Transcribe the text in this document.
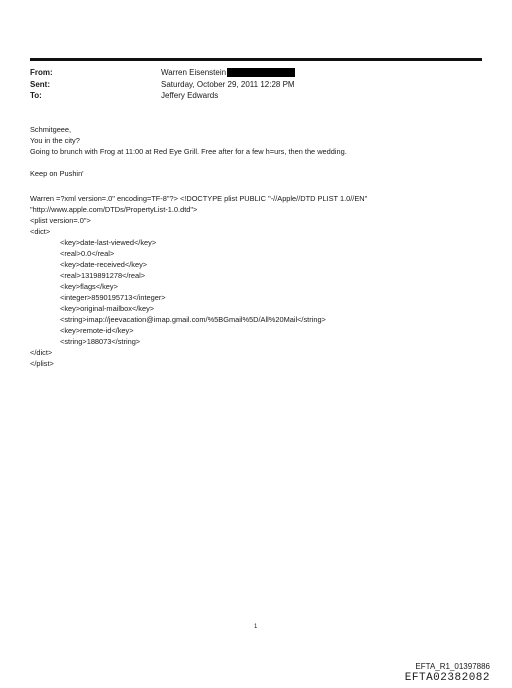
From:	Warren Eisenstein
Sent:	Saturday, October 29, 2011 12:28 PM
To:	Jeffery Edwards
Schmitgeee,
You in the city?
Going to brunch with Frog at 11:00 at Red Eye Grill. Free after for a few h=urs, then the wedding.
Keep on Pushin'
Warren =?xml version=.0" encoding=TF-8"?> <!DOCTYPE plist PUBLIC "-//Apple//DTD PLIST 1.0//EN"
"http://www.apple.com/DTDs/PropertyList-1.0.dtd">
<plist version=.0">
<dict>
<key>date-last-viewed</key>
<real>0.0</real>
<key>date-received</key>
<real>1319891278</real>
<key>flags</key>
<integer>8590195713</integer>
<key>original-mailbox</key>
<string>imap://jeevacation@imap.gmail.com/%5BGmail%5D/All%20Mail</string>
<key>remote-id</key>
<string>188073</string>
</dict>
</plist>
1
EFTA_R1_01397886
EFTA02382082
